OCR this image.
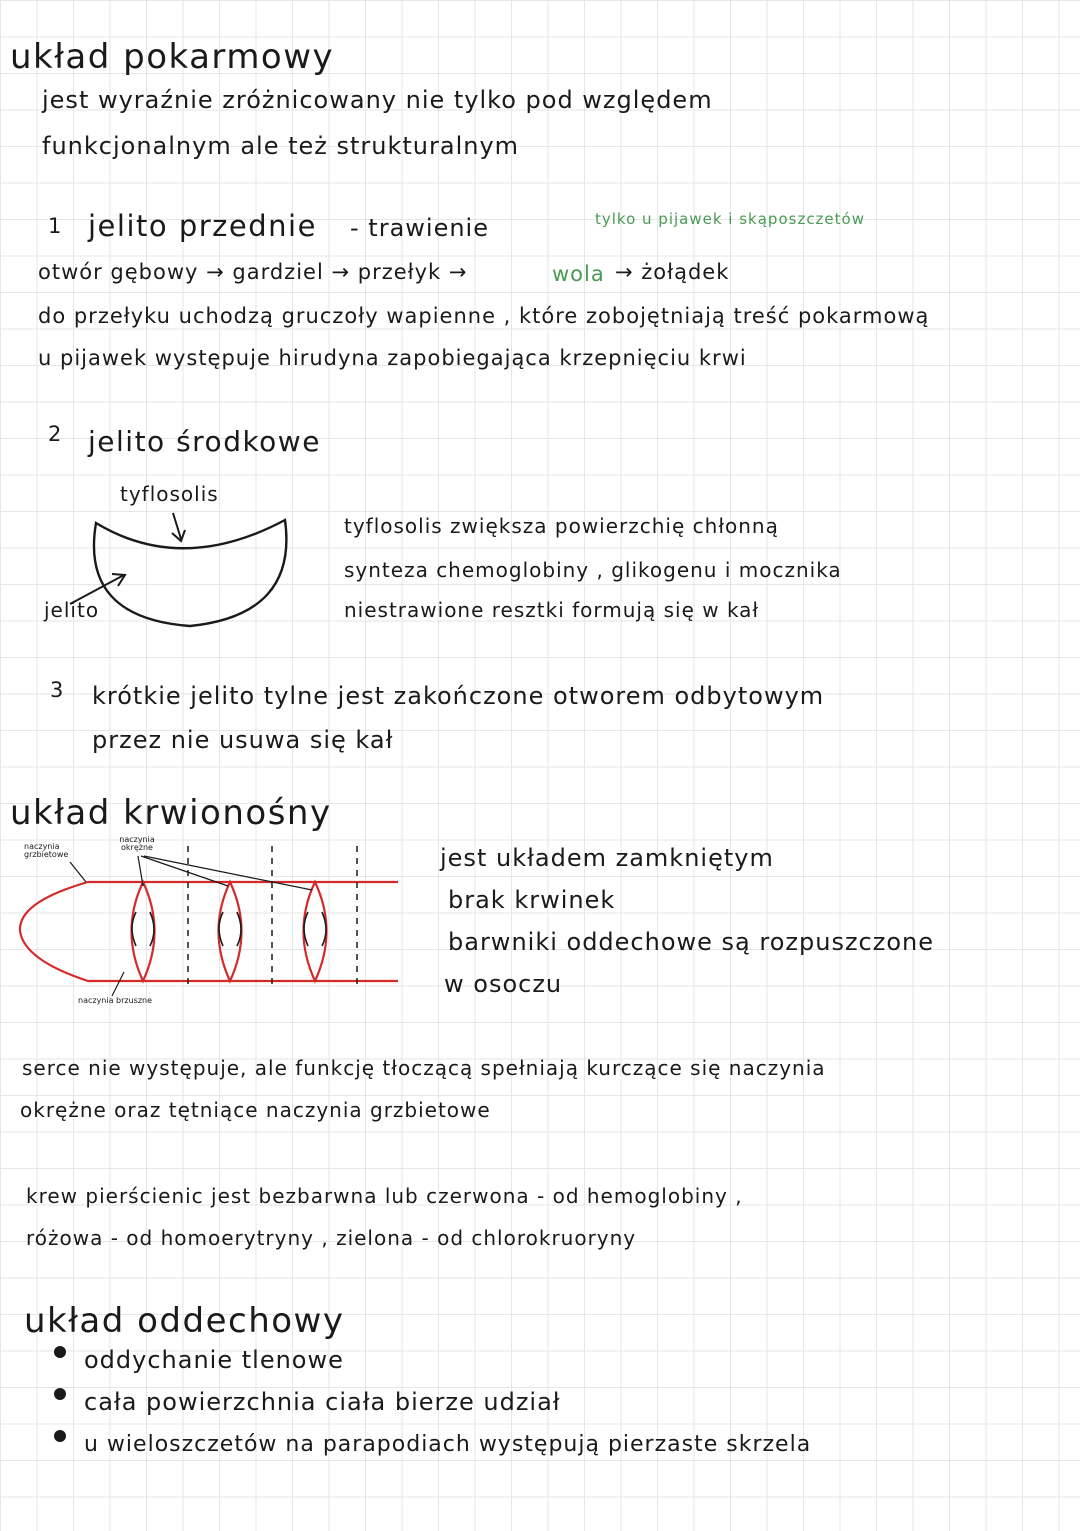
układ pokarmowy
jest wyraźnie zróżnicowany nie tylko pod względem
funkcjonalnym ale też strukturalnym
1 jelito przednie - trawienie	tylko u pijawek i skąposzczetów
otwór gębowy → gardziel → przełyk →	wola → żołądek
do przełyku uchodzą gruczoły wapienne , które zobojętniają treść pokarmową
u pijawek występuje hirudyna zapobiegająca krzepnięciu krwi
2 jelito środkowe
tyflosolis
jelito
tyflosolis zwiększa powierzchię chłonną
synteza chemoglobiny , glikogenu i mocznika
niestrawione resztki formują się w kał
3 krótkie jelito tylne jest zakończone otworem odbytowym
przez nie usuwa się kał
układ krwionośny
naczynia grzbietowe
naczynia okrężne
naczynia brzuszne
jest układem zamkniętym
brak krwinek
barwniki oddechowe są rozpuszczone
w osoczu
serce nie występuje, ale funkcję tłoczącą spełniają kurczące się naczynia
okrężne oraz tętniące naczynia grzbietowe
krew pierścienic jest bezbarwna lub czerwona - od hemoglobiny ,
różowa - od homoerytryny , zielona - od chlorokruoryny
układ oddechowy
oddychanie tlenowe
cała powierzchnia ciała bierze udział
u wieloszczetów na parapodiach występują pierzaste skrzela
